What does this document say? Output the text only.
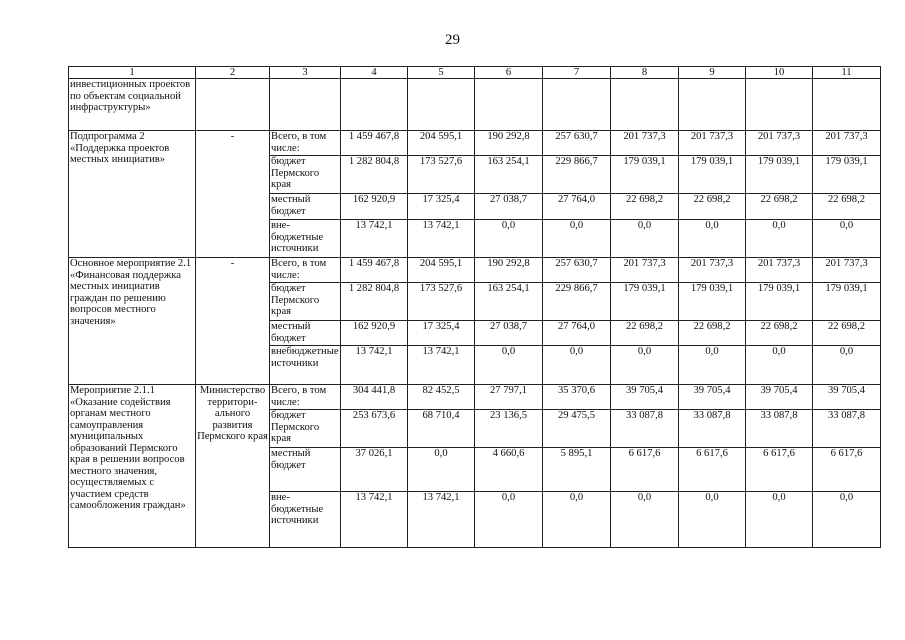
29
1	2	3	4	5	6	7	8	9	10	11
инвестиционных проектов по объектам социальной инфраструктуры»										
Подпрограмма 2 «Поддержка проектов местных инициатив»	-	Всего, в том числе:	1 459 467,8	204 595,1	190 292,8	257 630,7	201 737,3	201 737,3	201 737,3	201 737,3
		бюджет Пермского края	1 282 804,8	173 527,6	163 254,1	229 866,7	179 039,1	179 039,1	179 039,1	179 039,1
		местный бюджет	162 920,9	17 325,4	27 038,7	27 764,0	22 698,2	22 698,2	22 698,2	22 698,2
		вне-бюджетные источники	13 742,1	13 742,1	0,0	0,0	0,0	0,0	0,0	0,0
Основное мероприятие 2.1 «Финансовая поддержка местных инициатив граждан по решению вопросов местного значения»	-	Всего, в том числе:	1 459 467,8	204 595,1	190 292,8	257 630,7	201 737,3	201 737,3	201 737,3	201 737,3
		бюджет Пермского края	1 282 804,8	173 527,6	163 254,1	229 866,7	179 039,1	179 039,1	179 039,1	179 039,1
		местный бюджет	162 920,9	17 325,4	27 038,7	27 764,0	22 698,2	22 698,2	22 698,2	22 698,2
		внебюджетные источники	13 742,1	13 742,1	0,0	0,0	0,0	0,0	0,0	0,0
Мероприятие 2.1.1 «Оказание содействия органам местного самоуправления муниципальных образований Пермского края в решении вопросов местного значения, осуществляемых с участием средств самообложения граждан»	Министерство территори-ального развития Пермского края	Всего, в том числе:	304 441,8	82 452,5	27 797,1	35 370,6	39 705,4	39 705,4	39 705,4	39 705,4
		бюджет Пермского края	253 673,6	68 710,4	23 136,5	29 475,5	33 087,8	33 087,8	33 087,8	33 087,8
		местный бюджет	37 026,1	0,0	4 660,6	5 895,1	6 617,6	6 617,6	6 617,6	6 617,6
		вне-бюджетные источники	13 742,1	13 742,1	0,0	0,0	0,0	0,0	0,0	0,0
